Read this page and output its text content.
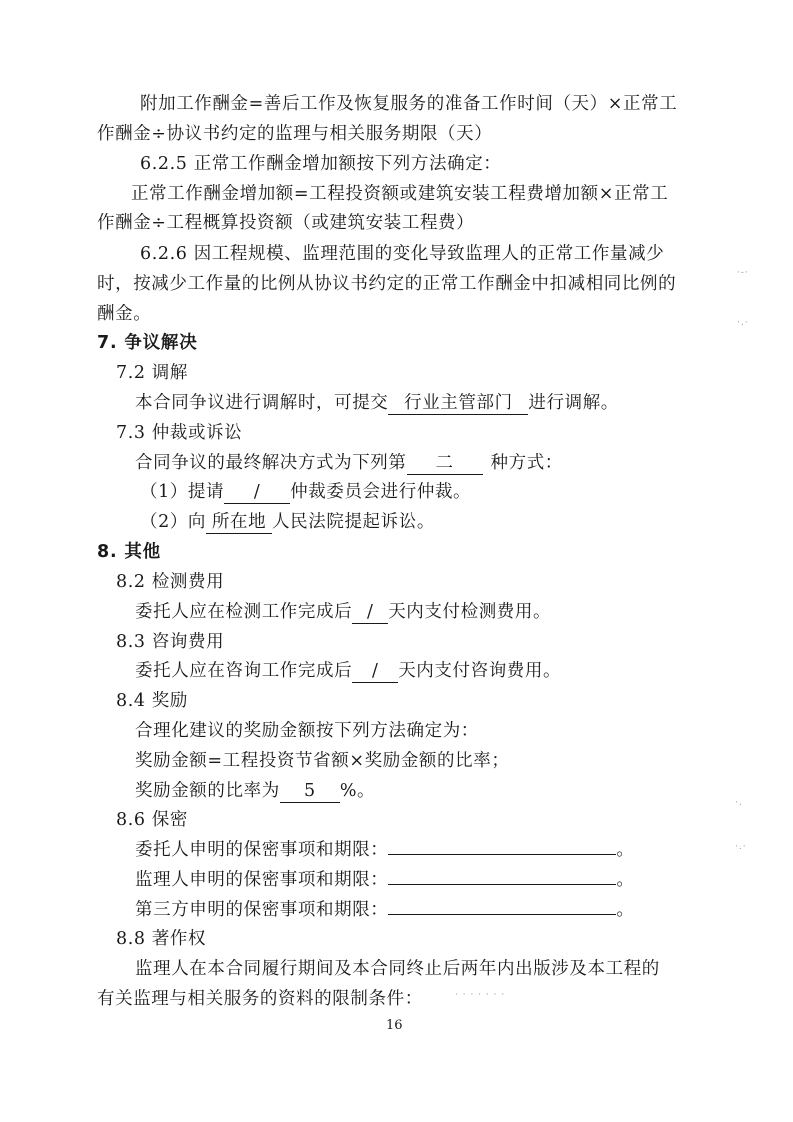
附加工作酬金=善后工作及恢复服务的准备工作时间（天）×正常工
作酬金÷协议书约定的监理与相关服务期限（天）
6.2.5 正常工作酬金增加额按下列方法确定：
正常工作酬金增加额=工程投资额或建筑安装工程费增加额×正常工
作酬金÷工程概算投资额（或建筑安装工程费）
6.2.6 因工程规模、监理范围的变化导致监理人的正常工作量减少
时，按减少工作量的比例从协议书约定的正常工作酬金中扣减相同比例的
酬金。
7. 争议解决
7.2 调解
本合同争议进行调解时，可提交 行业主管部门 进行调解。
7.3 仲裁或诉讼
合同争议的最终解决方式为下列第 二 种方式：
（1）提请 / 仲裁委员会进行仲裁。
（2）向 所在地 人民法院提起诉讼。
8. 其他
8.2 检测费用
委托人应在检测工作完成后 / 天内支付检测费用。
8.3 咨询费用
委托人应在咨询工作完成后 / 天内支付咨询费用。
8.4 奖励
合理化建议的奖励金额按下列方法确定为：
奖励金额=工程投资节省额×奖励金额的比率；
奖励金额的比率为 5 %。
8.6 保密
委托人申明的保密事项和期限：	。
监理人申明的保密事项和期限：	。
第三方申明的保密事项和期限：	。
8.8 著作权
监理人在本合同履行期间及本合同终止后两年内出版涉及本工程的
有关监理与相关服务的资料的限制条件：
16
·-·
·.·
·.
·.·
· · · · · · ·
